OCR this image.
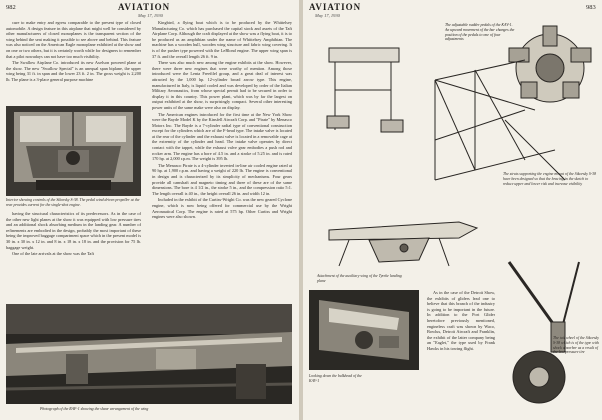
982	AVIATION
May 17, 1930

cure to make entry and egress comparable to the present type of closed automobile. A design feature in this airplane that might well be considered by other manufacturers of closed monoplanes is the transparent section of the wing behind the seat making it possible to see above and behind. This feature was also noticed on the American Eagle monoplane exhibited at the show and on one or two others, but it is certainly worth while for designers to remember that a pilot nowadays can not have too much visibility.

The Swallow Airplane Co. introduced its new Axelson powered plane at the show. The new "Swallow Special" is an unequal span biplane, the upper wing being 31 ft. in span and the lower 23 ft. 2 in. The gross weight is 2,200 lb. The plane is a 3-place general purpose machine

Interior showing controls of the Sikorsky S-38. The pedal wind driven propeller at the rear provides current for the single-shot engine.

having the structural characteristics of its predecessors. As in the case of the other new light planes at the show it was equipped with low pressure tires and an additional shock absorbing medium in the landing gear. A number of refinements are embodied in the design, probably the most important of these being the improved baggage compartment space which in the present model is 30 in. x 30 in. x 12 in. and 8 in. x 18 in. x 18 in. and the provision for 75 lb. baggage weight.

One of the late arrivals at the show was the Taft

Kingbird, a flying boat which is to be produced by the Whittelsey Manufacturing Co. which has purchased the capital stock and assets of the Taft Airplane Corp. Although the craft displayed at the show was a flying boat, it is to be produced as an amphibian under the name of Whittelsey Amphibian. The machine has a wooden hull, wooden wing structure and fabric wing covering. It is of the pusher type powered with the LeBlond engine. The upper wing span is 37 ft. and the overall length 26 ft. 9 in.

There was also much new among the engine exhibits at the show. However, there were three new engines that were worthy of mention. Among those introduced were the Lenta Freefilel group, and a great deal of interest was attracted by the 1,000 hp. 12-cylinder broad arrow type. This engine, manufactured in Italy, is liquid cooled and was developed by order of the Italian Military Aeronautics, from whose special permit had to be secured in order to display it in this country. This power plant, which was by far the largest on output exhibited at the show, is surprisingly compact. Several other interesting power units of the same make were also on display.

The American engines introduced for the first time at the New York Show were the Bayde Model K by the Kinsfell Aircraft Corp. and "Pirate" by Menasco Motors Inc. The Bayde is a 7-cylinder radial type of conventional construction except for the cylinders which are of the F-head type. The intake valve is located at the rear of the cylinder and the exhaust valve is located in a removable cage at the extremity of the cylinder and head. The intake valve operates by direct contact with the tappet, while the exhaust valve gear embodies a push rod and rocker arm. The engine has a bore of 4.5 in. and a stroke of 5.25 in. and is rated 170 hp. at 2,000 r.p.m. The weight is 395 lb.

The Menasco Pirate is a 4-cylinder inverted in-line air cooled engine rated at 90 hp. at 1,900 r.p.m. and having a weight of 220 lb. The engine is conventional in design and is characterized by its simplicity of mechanisms. Four gears provide all camshaft and magneto timing and three of these are of the same dimensions. The bore is 4 1/2 in., the stroke 5 in., and the compression ratio 5:1. The length overall is 40 in., the height overall 26 in. and width 12 in.

Included in the exhibit of the Curtiss-Wright Co. was the new geared Cyclone engine, which is now being offered for commercial use by the Wright Aeronautical Corp. The engine is rated at 575 hp. Other Curtiss and Wright engines were also shown.

Photograph of the RAF-1 showing the shear arrangement of the wing
AVIATION
May 17, 1930
983
The adjustable rudder pedals of the KAV-1. An upward movement of the bar changes the position of the pedals to one of four adjustments
The struts supporting the engine mount of the Sikorsky S-38 have been designed so that the bracing in the sketch to reduce upper and lower risk and increase visibility
Attachment of the auxiliary wing of the Tyreke landing plane
Looking down the bulkhead of the KAV-1

As in the case of the Detroit Show, the exhibits of gliders lead one to believe that this branch of the industry is going to be important in the future. In addition to the Port Glider heretofore previously mentioned, engineless craft was shown by Waco, Bowlus, Detroit Aircraft and Franklin, the exhibit of the latter company being an "Eaglet," the type used by Frank Hawks in his towing flight.

The tail wheel of the Sikorsky S-38 which is of the type with shock absorber as a result of the low pressure tire
